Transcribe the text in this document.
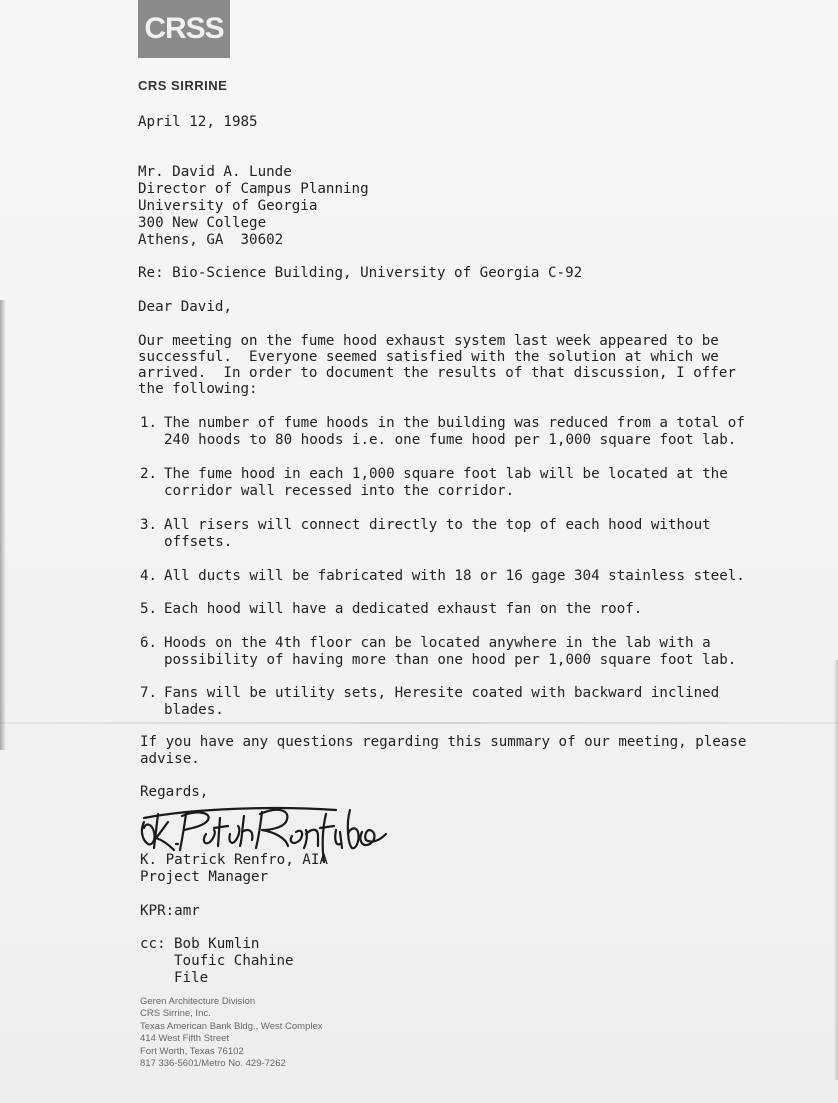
CRSS
CRS SIRRINE
April 12, 1985
Mr. David A. Lunde
Director of Campus Planning
University of Georgia
300 New College
Athens, GA  30602
Re: Bio-Science Building, University of Georgia C-92
Dear David,
Our meeting on the fume hood exhaust system last week appeared to be
successful.  Everyone seemed satisfied with the solution at which we
arrived.  In order to document the results of that discussion, I offer
the following:
1. The number of fume hoods in the building was reduced from a total of
240 hoods to 80 hoods i.e. one fume hood per 1,000 square foot lab.
2. The fume hood in each 1,000 square foot lab will be located at the
corridor wall recessed into the corridor.
3. All risers will connect directly to the top of each hood without
offsets.
4. All ducts will be fabricated with 18 or 16 gage 304 stainless steel.
5. Each hood will have a dedicated exhaust fan on the roof.
6. Hoods on the 4th floor can be located anywhere in the lab with a
possibility of having more than one hood per 1,000 square foot lab.
7. Fans will be utility sets, Heresite coated with backward inclined
blades.
If you have any questions regarding this summary of our meeting, please
advise.
Regards,
K. Patrick Renfro, AIA
Project Manager
KPR:amr
cc: Bob Kumlin
Toufic Chahine
File
Geren Architecture Division
CRS Sirrine, Inc.
Texas American Bank Bldg., West Complex
414 West Fifth Street
Fort Worth, Texas 76102
817 336-5601/Metro No. 429-7262
